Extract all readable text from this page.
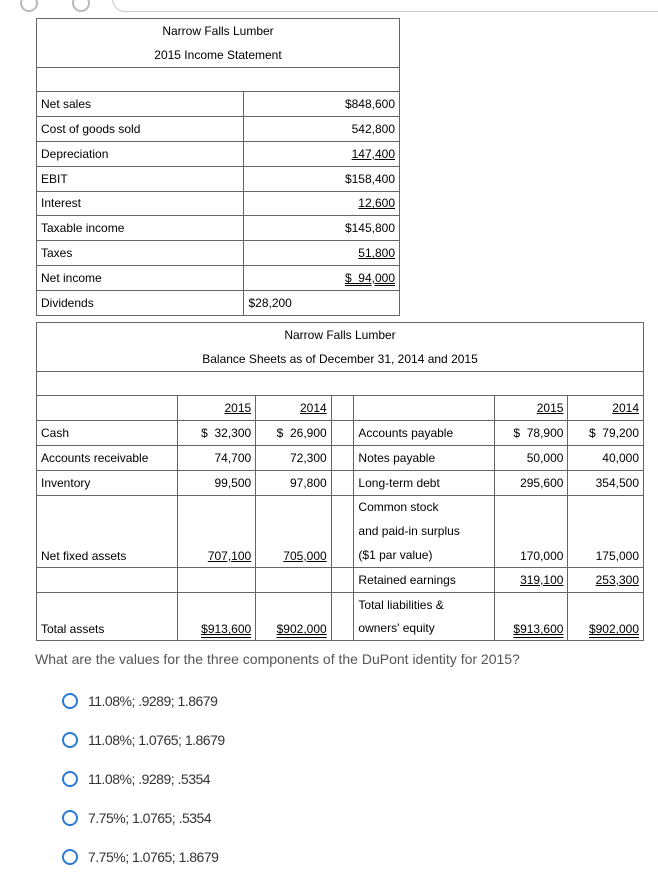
Narrow Falls Lumber		
2015 Income Statement		

Net sales		$848,600
Cost of goods sold		542,800
Depreciation		147,400
EBIT		$158,400
Interest		12,600
Taxable income		$145,800
Taxes		51,800
Net income		$  94,000
Dividends	$28,200	
Narrow Falls Lumber						
Balance Sheets as of December 31, 2014 and 2015						

	2015	2014			2015	2014
Cash	$  32,300	$  26,900		Accounts payable	$  78,900	$  79,200
Accounts receivable	74,700	72,300		Notes payable	50,000	40,000
Inventory	99,500	97,800		Long-term debt	295,600	354,500
Net fixed assets	707,100	705,000		Common stock	170,000	175,000
				and paid-in surplus		
				($1 par value)		
				Retained earnings	319,100	253,300
Total assets	$913,600	$902,000		Total liabilities &	$913,600	$902,000
				owners' equity		
What are the values for the three components of the DuPont identity for 2015?
11.08%; .9289; 1.8679
11.08%; 1.0765; 1.8679
11.08%; .9289; .5354
7.75%; 1.0765; .5354
7.75%; 1.0765; 1.8679
